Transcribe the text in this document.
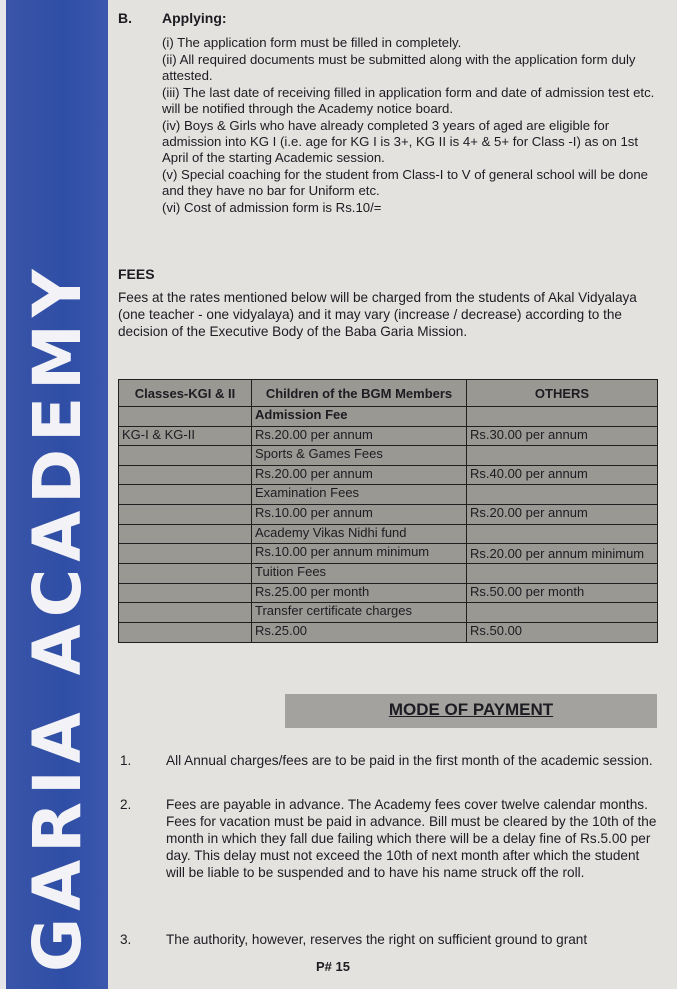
GARIA ACADEMY
B. Applying:

(i) The application form must be filled in completely.

(ii) All required documents must be submitted along with the application form duly attested.

(iii) The last date of receiving filled in application form and date of admission test etc. will be notified through the Academy notice board.

(iv) Boys & Girls who have already completed 3 years of aged are eligible for admission into KG I (i.e. age for KG I is 3+, KG II is 4+ & 5+ for Class -I) as on 1st April of the starting Academic session.

(v) Special coaching for the student from Class-I to V of general school will be done and they have no bar for Uniform etc.

(vi) Cost of admission form is Rs.10/=

FEES
Fees at the rates mentioned below will be charged from the students of Akal Vidyalaya (one teacher - one vidyalaya) and it may vary (increase / decrease) according to the decision of the Executive Body of the Baba Garia Mission.
Classes-KGI & II	Children of the BGM Members	OTHERS
	Admission Fee	
KG-I & KG-II	Rs.20.00 per annum	Rs.30.00 per annum
	Sports & Games Fees	
	Rs.20.00 per annum	Rs.40.00 per annum
	Examination Fees	
	Rs.10.00 per annum	Rs.20.00 per annum
	Academy Vikas Nidhi fund	
	Rs.10.00 per annum minimum	Rs.20.00 per annum minimum
	Tuition Fees	
	Rs.25.00 per month	Rs.50.00 per month
	Transfer certificate charges	
	Rs.25.00	Rs.50.00
MODE OF PAYMENT
1.	All Annual charges/fees are to be paid in the first month of the academic session.
2.	Fees are payable in advance. The Academy fees cover twelve calendar months. Fees for vacation must be paid in advance. Bill must be cleared by the 10th of the month in which they fall due failing which there will be a delay fine of Rs.5.00 per day. This delay must not exceed the 10th of next month after which the student will be liable to be suspended and to have his name struck off the roll.
3.	The authority, however, reserves the right on sufficient ground to grant
P# 15
